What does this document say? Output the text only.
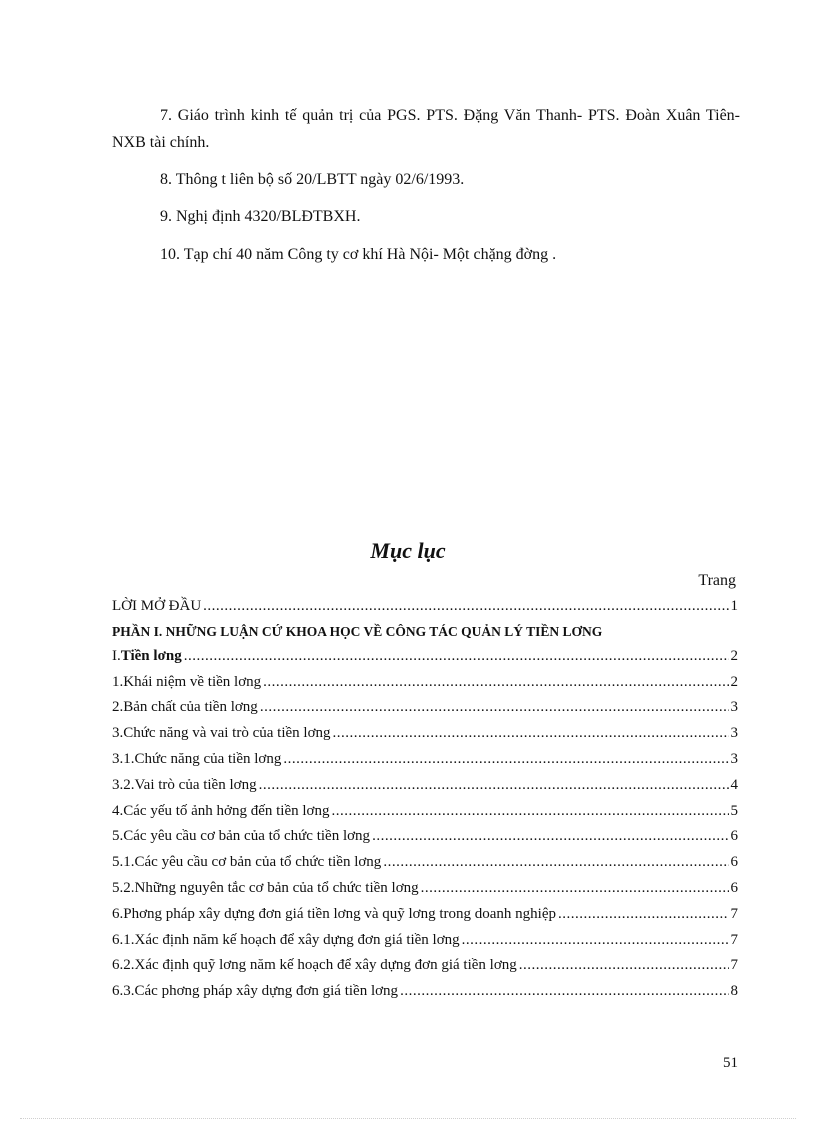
7. Giáo trình kinh tế quản trị của PGS. PTS. Đặng Văn Thanh- PTS. Đoàn Xuân Tiên- NXB tài chính.
8. Thông t liên bộ số 20/LBTT ngày 02/6/1993.
9. Nghị định 4320/BLĐTBXH.
10. Tạp chí 40 năm Công ty cơ khí Hà Nội- Một chặng đờng .
Mục lục
Trang
LỜI MỞ ĐẦU .....	1
PHẦN I. NHỮNG LUẬN CỨ KHOA HỌC VỀ CÔNG TÁC QUẢN LÝ TIỀN LƠNG
I.Tiền lơng .....	2
1.Khái niệm về tiền lơng .....	2
2.Bản chất của tiền lơng .....	3
3.Chức năng và vai trò của tiền lơng .....	3
3.1.Chức năng của tiền lơng .....	3
3.2.Vai trò của tiền lơng .....	4
4.Các yếu tố ảnh hởng đến tiền lơng .....	5
5.Các yêu cầu cơ bản của tổ chức tiền lơng .....	6
5.1.Các yêu cầu cơ bản của tổ chức tiền lơng .....	6
5.2.Những nguyên tắc cơ bản của tổ chức tiền lơng .....	6
6.Phơng pháp xây dựng đơn giá tiền lơng và quỹ lơng trong doanh nghiệp .....	7
6.1.Xác định năm kế hoạch để xây dựng đơn giá tiền lơng .....	7
6.2.Xác định quỹ lơng năm kế hoạch để xây dựng đơn giá tiền lơng .....	7
6.3.Các phơng pháp xây dựng đơn giá tiền lơng .....	8
51
